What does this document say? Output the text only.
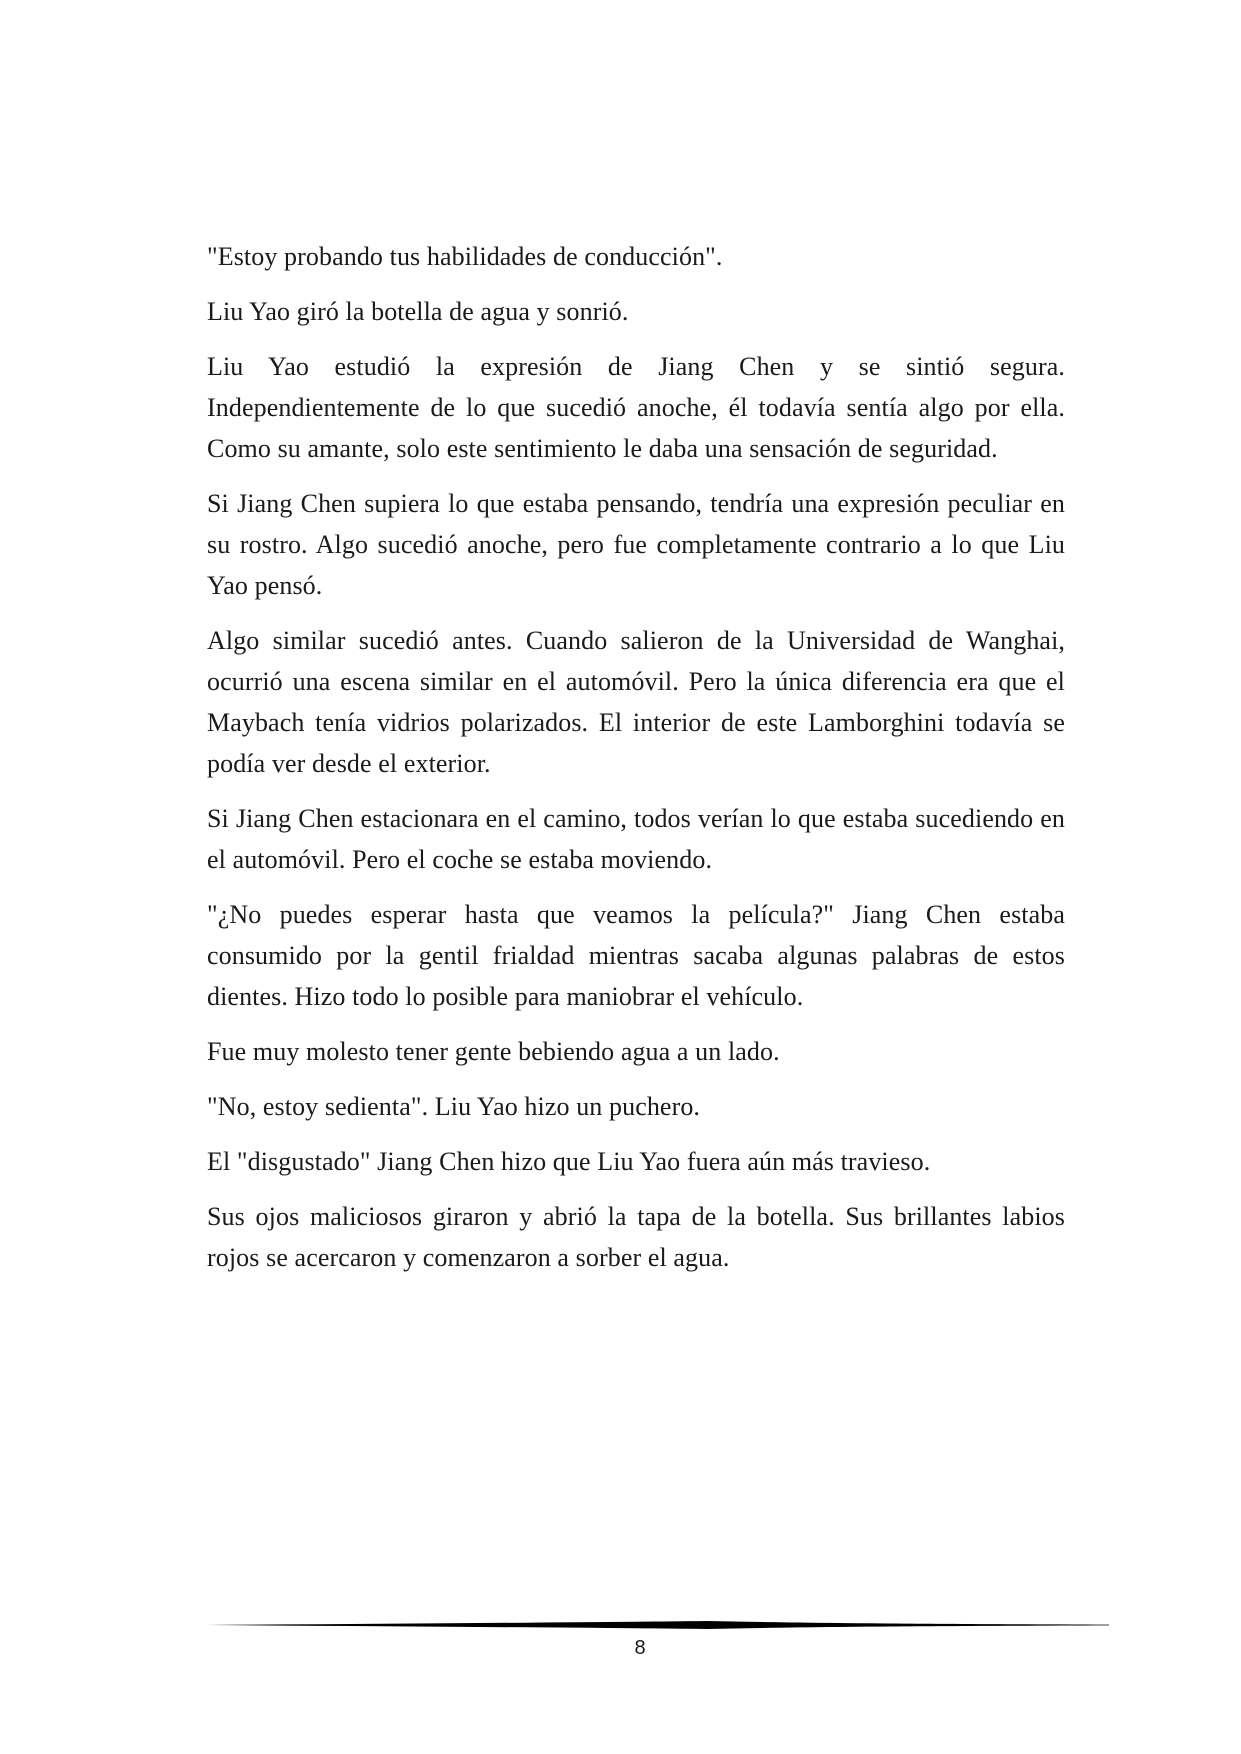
"Estoy probando tus habilidades de conducción".

Liu Yao giró la botella de agua y sonrió.

Liu Yao estudió la expresión de Jiang Chen y se sintió segura. Independientemente de lo que sucedió anoche, él todavía sentía algo por ella. Como su amante, solo este sentimiento le daba una sensación de seguridad.

Si Jiang Chen supiera lo que estaba pensando, tendría una expresión peculiar en su rostro. Algo sucedió anoche, pero fue completamente contrario a lo que Liu Yao pensó.

Algo similar sucedió antes. Cuando salieron de la Universidad de Wanghai, ocurrió una escena similar en el automóvil. Pero la única diferencia era que el Maybach tenía vidrios polarizados. El interior de este Lamborghini todavía se podía ver desde el exterior.

Si Jiang Chen estacionara en el camino, todos verían lo que estaba sucediendo en el automóvil. Pero el coche se estaba moviendo.

"¿No puedes esperar hasta que veamos la película?" Jiang Chen estaba consumido por la gentil frialdad mientras sacaba algunas palabras de estos dientes. Hizo todo lo posible para maniobrar el vehículo.

Fue muy molesto tener gente bebiendo agua a un lado.

"No, estoy sedienta". Liu Yao hizo un puchero.

El "disgustado" Jiang Chen hizo que Liu Yao fuera aún más travieso.

Sus ojos maliciosos giraron y abrió la tapa de la botella. Sus brillantes labios rojos se acercaron y comenzaron a sorber el agua.

8
